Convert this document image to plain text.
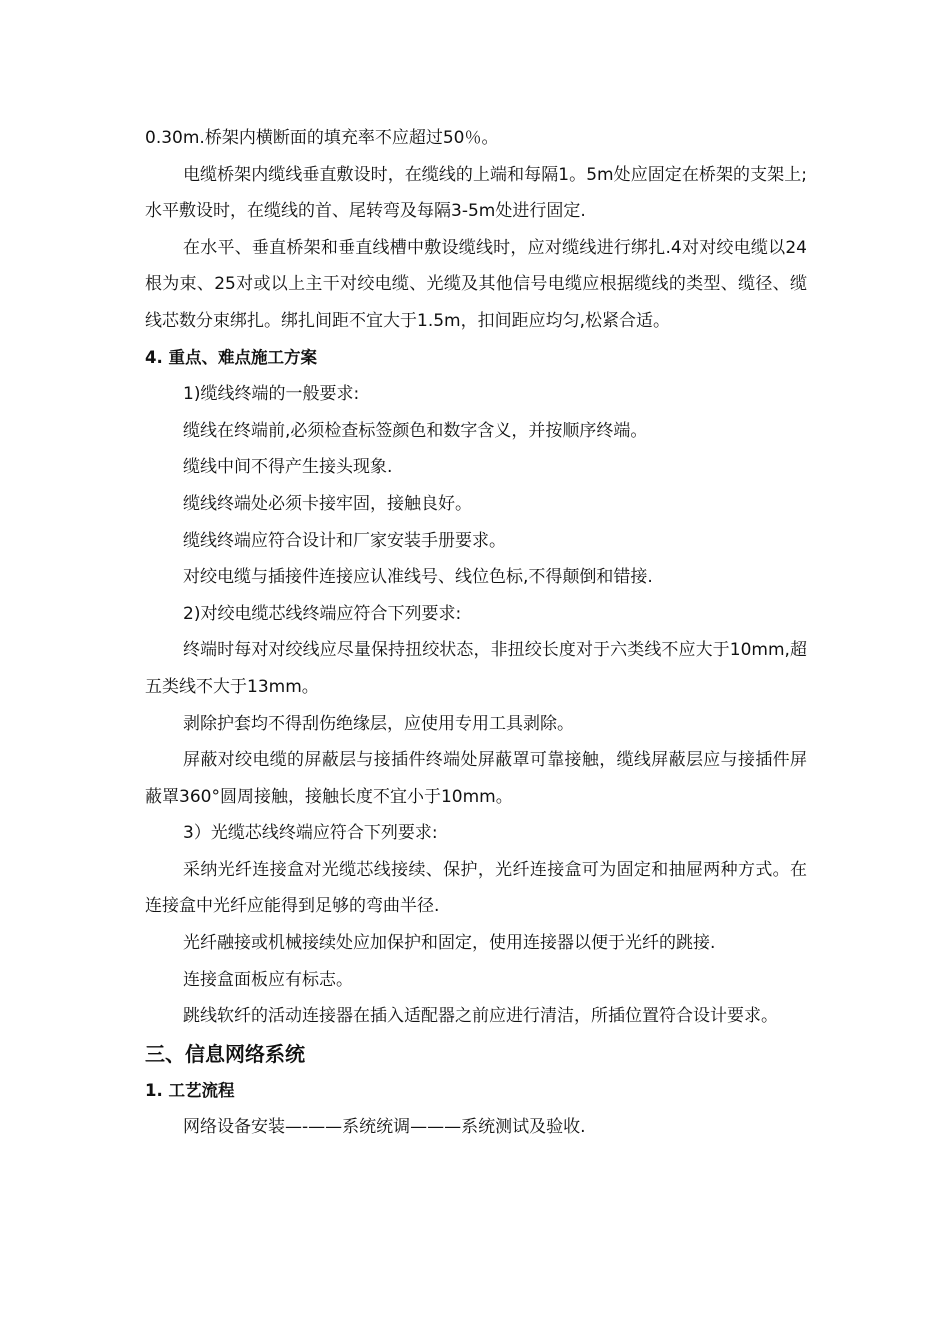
0.30m.桥架内横断面的填充率不应超过50％。

电缆桥架内缆线垂直敷设时，在缆线的上端和每隔1。5m处应固定在桥架的支架上;水平敷设时，在缆线的首、尾转弯及每隔3-5m处进行固定.

在水平、垂直桥架和垂直线槽中敷设缆线时，应对缆线进行绑扎.4对对绞电缆以24根为束、25对或以上主干对绞电缆、光缆及其他信号电缆应根据缆线的类型、缆径、缆线芯数分束绑扎。绑扎间距不宜大于1.5m，扣间距应均匀,松紧合适。

4. 重点、难点施工方案

1)缆线终端的一般要求:

缆线在终端前,必须检查标签颜色和数字含义，并按顺序终端。

缆线中间不得产生接头现象.

缆线终端处必须卡接牢固，接触良好。

缆线终端应符合设计和厂家安装手册要求。

对绞电缆与插接件连接应认准线号、线位色标,不得颠倒和错接.

2)对绞电缆芯线终端应符合下列要求:

终端时每对对绞线应尽量保持扭绞状态，非扭绞长度对于六类线不应大于10mm,超五类线不大于13mm。

剥除护套均不得刮伤绝缘层，应使用专用工具剥除。

屏蔽对绞电缆的屏蔽层与接插件终端处屏蔽罩可靠接触，缆线屏蔽层应与接插件屏蔽罩360°圆周接触，接触长度不宜小于10mm。

3）光缆芯线终端应符合下列要求:

采纳光纤连接盒对光缆芯线接续、保护，光纤连接盒可为固定和抽屉两种方式。在连接盒中光纤应能得到足够的弯曲半径.

光纤融接或机械接续处应加保护和固定，使用连接器以便于光纤的跳接.

连接盒面板应有标志。

跳线软纤的活动连接器在插入适配器之前应进行清洁，所插位置符合设计要求。

三、信息网络系统

1. 工艺流程

网络设备安装—-——系统统调———系统测试及验收.
